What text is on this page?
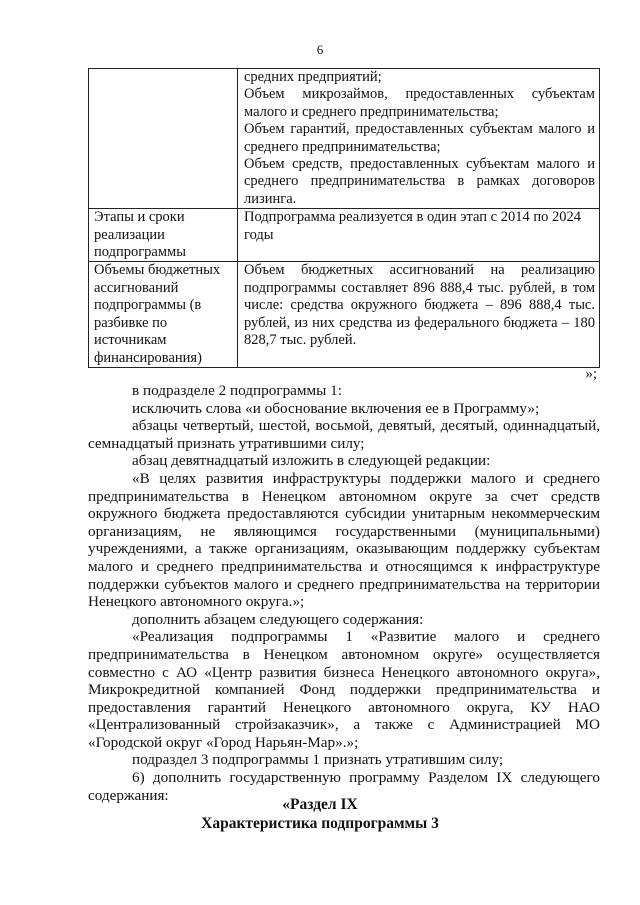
6

	средних предприятий;

Объем микрозаймов, предоставленных субъектам малого и среднего предпринимательства;

Объем гарантий, предоставленных субъектам малого и среднего предпринимательства;

Объем средств, предоставленных субъектам малого и среднего предпринимательства в рамках договоров лизинга.

Этапы и сроки реализации подпрограммы	Подпрограмма реализуется в один этап с 2014 по 2024 годы
Объемы бюджетных ассигнований подпрограммы (в разбивке по источникам финансирования)	Объем бюджетных ассигнований на реализацию подпрограммы составляет 896 888,4 тыс. рублей, в том числе: средства окружного бюджета – 896 888,4 тыс. рублей, из них средства из федерального бюджета – 180 828,7 тыс. рублей.
»;

в подразделе 2 подпрограммы 1:

исключить слова «и обоснование включения ее в Программу»;

абзацы четвертый, шестой, восьмой, девятый, десятый, одиннадцатый, семнадцатый признать утратившими силу;

абзац девятнадцатый изложить в следующей редакции:

«В целях развития инфраструктуры поддержки малого и среднего предпринимательства в Ненецком автономном округе за счет средств окружного бюджета предоставляются субсидии унитарным некоммерческим организациям, не являющимся государственными (муниципальными) учреждениями, а также организациям, оказывающим поддержку субъектам малого и среднего предпринимательства и относящимся к инфраструктуре поддержки субъектов малого и среднего предпринимательства на территории Ненецкого автономного округа.»;

дополнить абзацем следующего содержания:

«Реализация подпрограммы 1 «Развитие малого и среднего предпринимательства в Ненецком автономном округе» осуществляется совместно с АО «Центр развития бизнеса Ненецкого автономного округа», Микрокредитной компанией Фонд поддержки предпринимательства и предоставления гарантий Ненецкого автономного округа, КУ НАО «Централизованный стройзаказчик», а также с Администрацией МО «Городской округ «Город Нарьян-Мар».»;

подраздел 3 подпрограммы 1 признать утратившим силу;

6) дополнить государственную программу Разделом IX следующего содержания:

«Раздел IX
Характеристика подпрограммы 3
